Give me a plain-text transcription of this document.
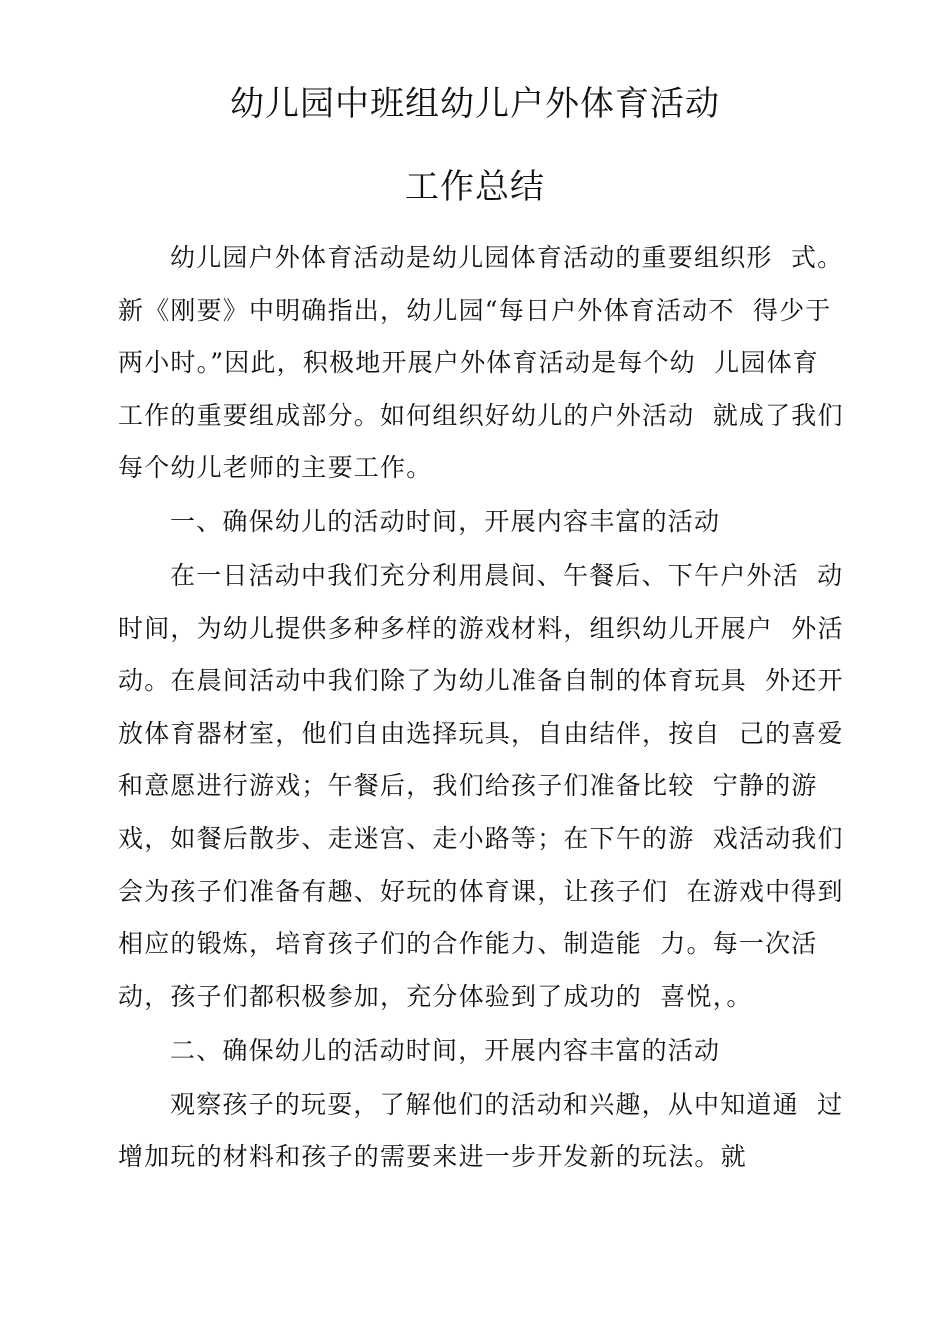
幼儿园中班组幼儿户外体育活动
工作总结
幼儿园户外体育活动是幼儿园体育活动的重要组织形  式。
新《刚要》中明确指出，幼儿园“每日户外体育活动不  得少于
两小时。”因此，积极地开展户外体育活动是每个幼  儿园体育
工作的重要组成部分。如何组织好幼儿的户外活动  就成了我们
每个幼儿老师的主要工作。
一、确保幼儿的活动时间，开展内容丰富的活动
在一日活动中我们充分利用晨间、午餐后、下午户外活  动
时间，为幼儿提供多种多样的游戏材料，组织幼儿开展户  外活
动。在晨间活动中我们除了为幼儿准备自制的体育玩具  外还开
放体育器材室，他们自由选择玩具，自由结伴，按自  己的喜爱
和意愿进行游戏；午餐后，我们给孩子们准备比较  宁静的游
戏，如餐后散步、走迷宫、走小路等；在下午的游  戏活动我们
会为孩子们准备有趣、好玩的体育课，让孩子们  在游戏中得到
相应的锻炼，培育孩子们的合作能力、制造能  力。每一次活
动，孩子们都积极参加，充分体验到了成功的  喜悦，。
二、确保幼儿的活动时间，开展内容丰富的活动
观察孩子的玩耍，了解他们的活动和兴趣，从中知道通  过
增加玩的材料和孩子的需要来进一步开发新的玩法。就
